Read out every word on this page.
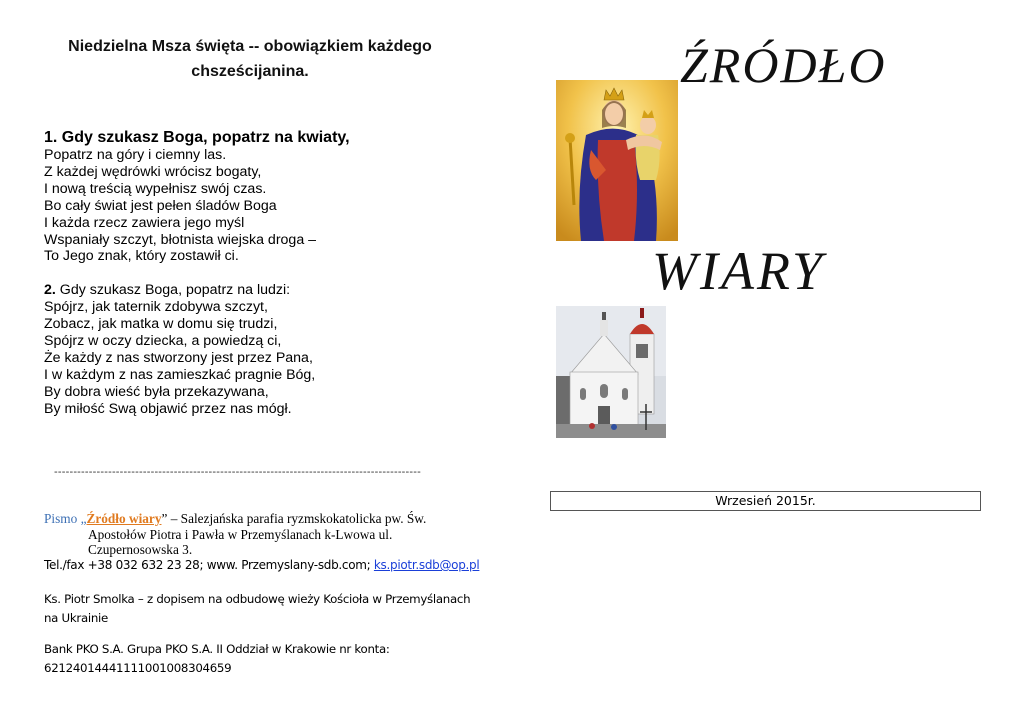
Niedzielna Msza święta -- obowiązkiem każdego
chsześcijanina.
1. Gdy szukasz Boga, popatrz na kwiaty,
Popatrz na góry i ciemny las.
Z każdej wędrówki wrócisz bogaty,
I nową treścią wypełnisz swój czas.
Bo cały świat jest pełen śladów Boga
I każda rzecz zawiera jego myśl
Wspaniały szczyt, błotnista wiejska droga –
To Jego znak, który zostawił ci.
2. Gdy szukasz Boga, popatrz na ludzi:
Spójrz, jak taternik zdobywa szczyt,
Zobacz, jak matka w domu się trudzi,
Spójrz w oczy dziecka, a powiedzą ci,
Że każdy z nas stworzony jest przez Pana,
I w każdym z nas zamieszkać pragnie Bóg,
By dobra wieść była przekazywana,
By miłość Swą objawić przez nas mógł.
-----------------------------------------------------------------------------------------------
Pismo „Źródło wiary” – Salezjańska parafia ryzmskokatolicka pw. Św.
Apostołów Piotra i Pawła w Przemyślanach k-Lwowa ul.
Czupernosowska 3.
Tel./fax +38 032 632 23 28; www. Przemyslany-sdb.com; ks.piotr.sdb@op.pl
Ks. Piotr Smolka – z dopisem na odbudowę wieży Kościoła w Przemyślanach
na Ukrainie
Bank PKO S.A. Grupa PKO S.A. II Oddział w Krakowie nr konta:
62124014441111001008304659
ŹRÓDŁO
WIARY
Wrzesień 2015r.
